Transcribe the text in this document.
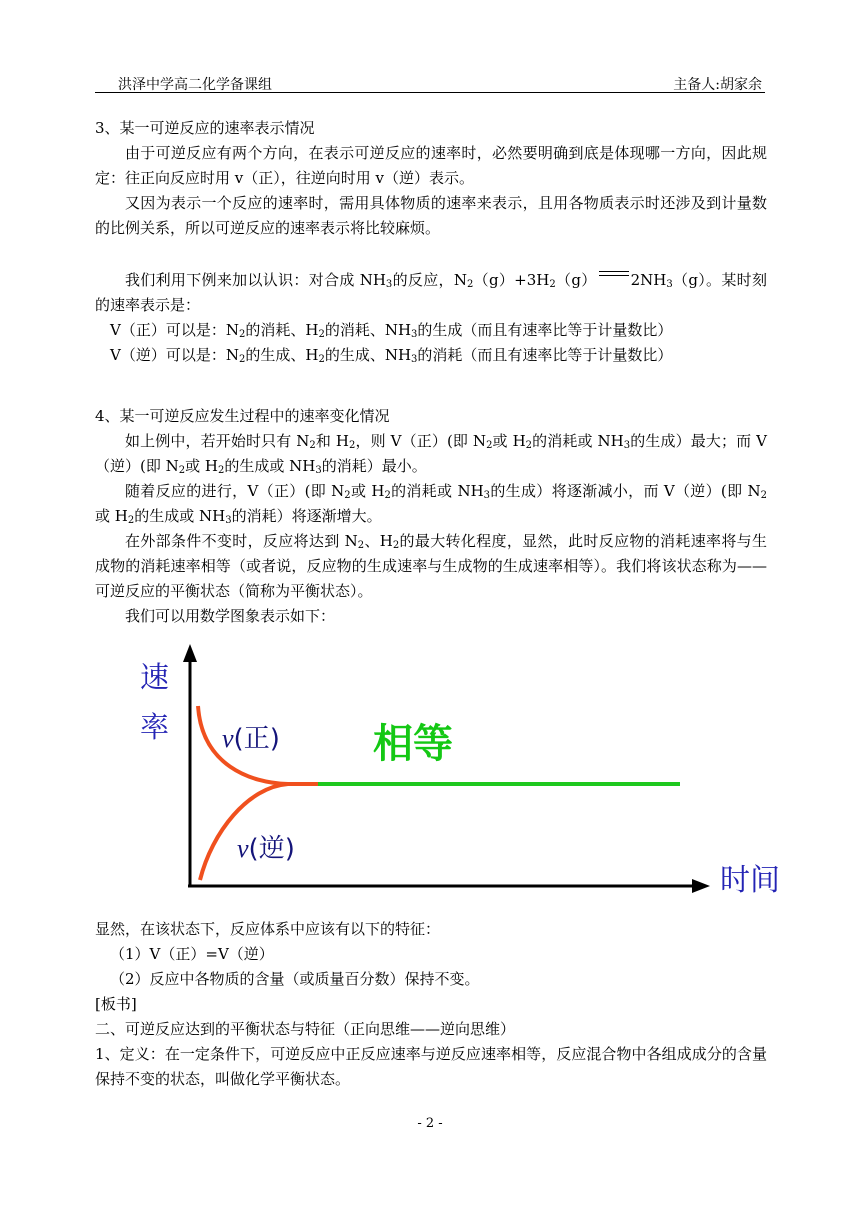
洪泽中学高二化学备课组	主备人:胡家余

3、某一可逆反应的速率表示情况

由于可逆反应有两个方向，在表示可逆反应的速率时，必然要明确到底是体现哪一方向，因此规定：往正向反应时用 v（正），往逆向时用 v（逆）表示。

又因为表示一个反应的速率时，需用具体物质的速率来表示，且用各物质表示时还涉及到计量数的比例关系，所以可逆反应的速率表示将比较麻烦。

我们利用下例来加以认识：对合成 $NH_3$的反应，$N_2(g)+3H_2(g)$ $2NH_3(g)$。某时刻的速率表示是：

V（正）可以是：$N_2$的消耗、$H_2$的消耗、$NH_3$的生成（而且有速率比等于计量数比）

V（逆）可以是：$N_2$的生成、$H_2$的生成、$NH_3$的消耗（而且有速率比等于计量数比）

4、某一可逆反应发生过程中的速率变化情况

如上例中，若开始时只有 $N_2$和 $H_2$，则 V（正）(即 $N_2$或 $H_2$的消耗或 $NH_3$的生成）最大；而 V（逆）(即 $N_2$或 $H_2$的生成或 $NH_3$的消耗）最小。

随着反应的进行，V（正）(即 $N_2$或 $H_2$的消耗或 $NH_3$的生成）将逐渐减小，而 V（逆）(即 $N_2$或 $H_2$的生成或 $NH_3$的消耗）将逐渐增大。

在外部条件不变时，反应将达到 $N_2$、$H_2$的最大转化程度，显然，此时反应物的消耗速率将与生成物的消耗速率相等（或者说，反应物的生成速率与生成物的生成速率相等）。我们将该状态称为——可逆反应的平衡状态（简称为平衡状态）。

我们可以用数学图象表示如下：

速
率
时间
v(正)
v(逆)
相等

显然，在该状态下，反应体系中应该有以下的特征：

（1）V（正）=V（逆）

（2）反应中各物质的含量（或质量百分数）保持不变。

[板书]

二、可逆反应达到的平衡状态与特征（正向思维——逆向思维）

1、定义：在一定条件下，可逆反应中正反应速率与逆反应速率相等，反应混合物中各组成成分的含量保持不变的状态，叫做化学平衡状态。

- 2 -
